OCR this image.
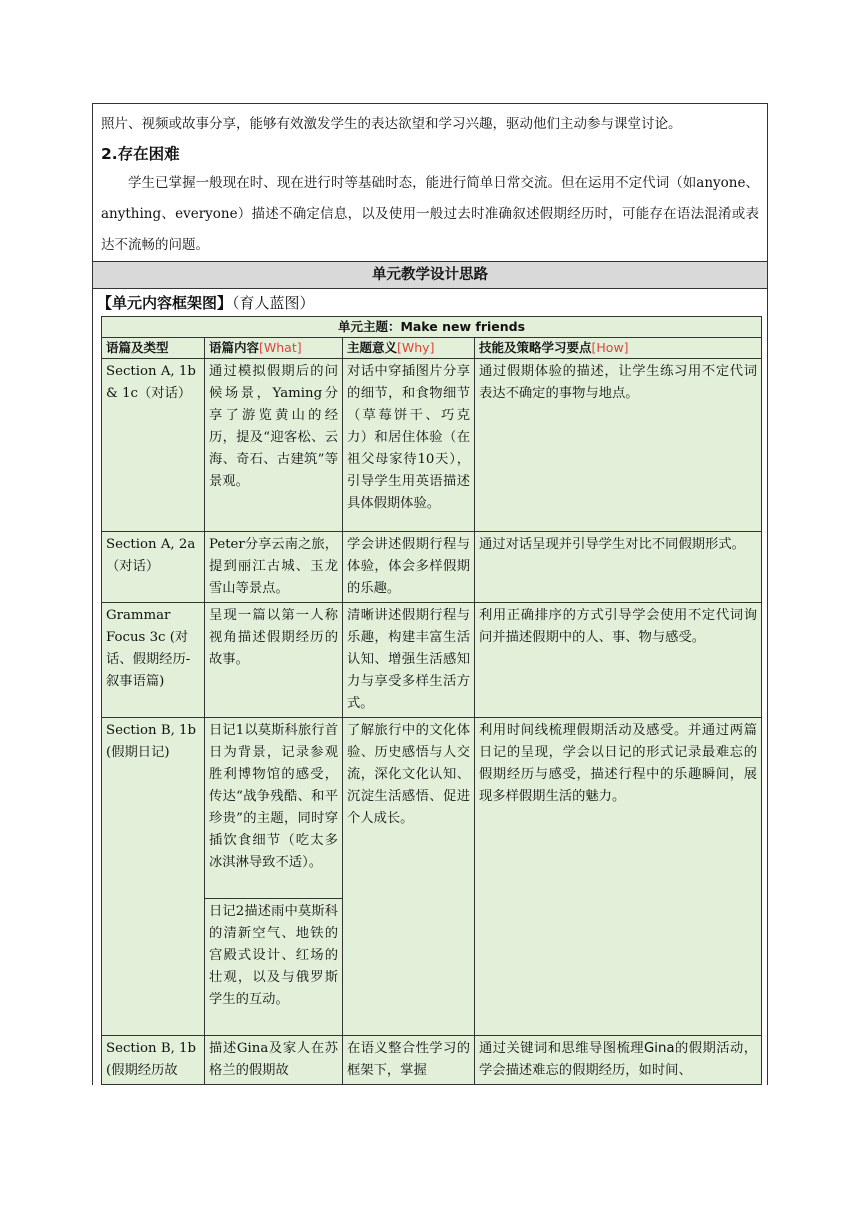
照片、视频或故事分享，能够有效激发学生的表达欲望和学习兴趣，驱动他们主动参与课堂讨论。

2.存在困难

学生已掌握一般现在时、现在进行时等基础时态，能进行简单日常交流。但在运用不定代词（如anyone、anything、everyone）描述不确定信息，以及使用一般过去时准确叙述假期经历时，可能存在语法混淆或表达不流畅的问题。

单元教学设计思路
【单元内容框架图】（育人蓝图）
单元主题：Make new friends			
语篇及类型	语篇内容[What]	主题意义[Why]	技能及策略学习要点[How]
Section A, 1b & 1c（对话）	通过模拟假期后的问候场景，Yaming分享了游览黄山的经历，提及“迎客松、云海、奇石、古建筑”等景观。	对话中穿插图片分享的细节，和食物细节（草莓饼干、巧克力）和居住体验（在祖父母家待10天），引导学生用英语描述具体假期体验。	通过假期体验的描述，让学生练习用不定代词表达不确定的事物与地点。
Section A, 2a（对话）	Peter分享云南之旅，提到丽江古城、玉龙雪山等景点。	学会讲述假期行程与体验，体会多样假期的乐趣。	通过对话呈现并引导学生对比不同假期形式。
Grammar Focus 3c (对话、假期经历-叙事语篇)	呈现一篇以第一人称视角描述假期经历的故事。	清晰讲述假期行程与乐趣，构建丰富生活认知、增强生活感知力与享受多样生活方式。	利用正确排序的方式引导学会使用不定代词询问并描述假期中的人、事、物与感受。
Section B, 1b (假期日记)	日记1以莫斯科旅行首日为背景，记录参观胜利博物馆的感受，传达“战争残酷、和平珍贵”的主题，同时穿插饮食细节（吃太多冰淇淋导致不适）。	了解旅行中的文化体验、历史感悟与人交流，深化文化认知、沉淀生活感悟、促进个人成长。	利用时间线梳理假期活动及感受。并通过两篇日记的呈现，学会以日记的形式记录最难忘的假期经历与感受，描述行程中的乐趣瞬间，展现多样假期生活的魅力。
	日记2描述雨中莫斯科的清新空气、地铁的宫殿式设计、红场的壮观，以及与俄罗斯学生的互动。		
Section B, 1b (假期经历故	描述Gina及家人在苏格兰的假期故	在语义整合性学习的框架下，掌握	通过关键词和思维导图梳理Gina的假期活动，学会描述难忘的假期经历，如时间、
